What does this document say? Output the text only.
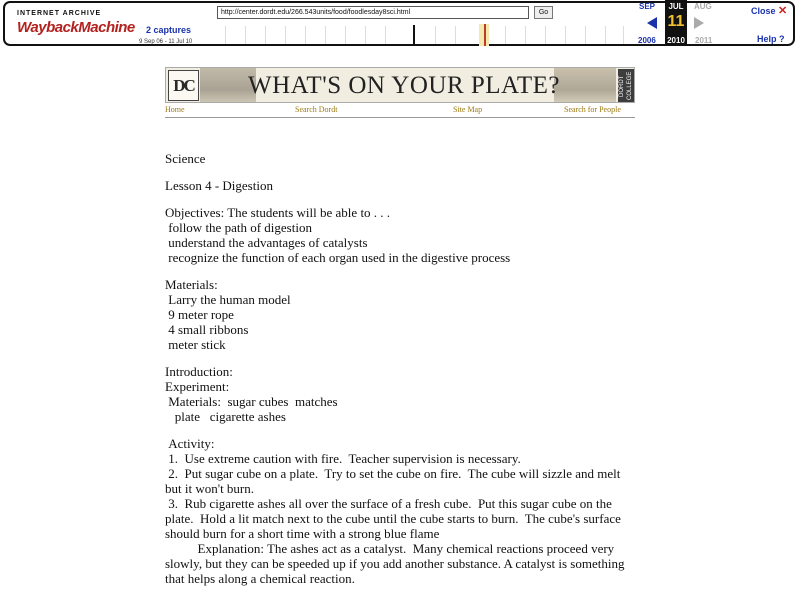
INTERNET ARCHIVE
WaybackMachine 2 captures
9 Sep 06 - 11 Jul 10
http://center.dordt.edu/266.543units/food/foodlesday8sci.html	Go
SEP
2006
JUL
11
2010
AUG
2011
Close ✕
Help ?
DC WHAT'S ON YOUR PLATE?	DORDT COLLEGE
Home	Search Dordt	Site Map	Search for People

Science

Lesson 4 - Digestion

Objectives: The students will be able to . . .

follow the path of digestion

understand the advantages of catalysts

recognize the function of each organ used in the digestive process

Materials:

Larry the human model

9 meter rope

4 small ribbons

meter stick

Introduction:

Experiment:

Materials:  sugar cubes  matches

plate   cigarette ashes

Activity:

1.  Use extreme caution with fire.  Teacher supervision is necessary.

2.  Put sugar cube on a plate.  Try to set the cube on fire.  The cube will sizzle and melt but it won't burn.

3.  Rub cigarette ashes all over the surface of a fresh cube.  Put this sugar cube on the plate.  Hold a lit match next to the cube until the cube starts to burn.  The cube's surface should burn for a short time with a strong blue flame

Explanation: The ashes act as a catalyst.  Many chemical reactions proceed very slowly, but they can be speeded up if you add another substance. A catalyst is something that helps along a chemical reaction.
